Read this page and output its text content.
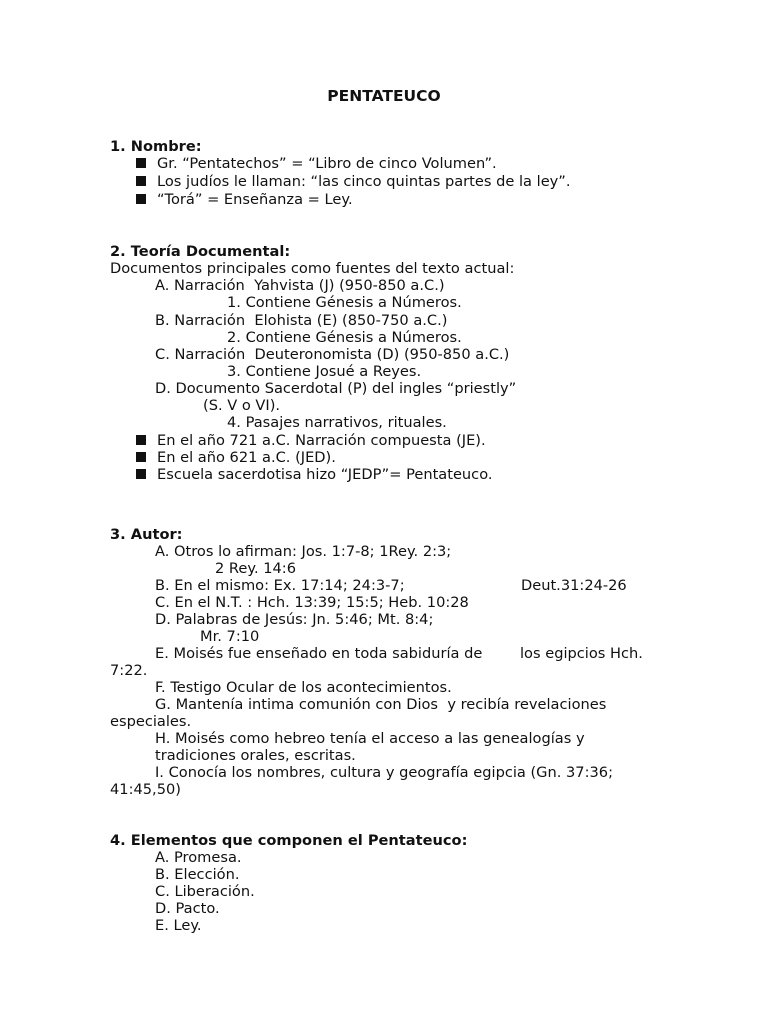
PENTATEUCO
1. Nombre:
Gr. “Pentatechos” = “Libro de cinco Volumen”.
Los judíos le llaman: “las cinco quintas partes de la ley”.
“Torá” = Enseñanza = Ley.
2. Teoría Documental:
Documentos principales como fuentes del texto actual:
A. Narración  Yahvista (J) (950-850 a.C.)
1. Contiene Génesis a Números.
B. Narración  Elohista (E) (850-750 a.C.)
2. Contiene Génesis a Números.
C. Narración  Deuteronomista (D) (950-850 a.C.)
3. Contiene Josué a Reyes.
D. Documento Sacerdotal (P) del ingles “priestly”
(S. V o VI).
4. Pasajes narrativos, rituales.
En el año 721 a.C. Narración compuesta (JE).
En el año 621 a.C. (JED).
Escuela sacerdotisa hizo “JEDP”= Pentateuco.
3. Autor:
A. Otros lo afirman: Jos. 1:7-8; 1Rey. 2:3;
2 Rey. 14:6
B. En el mismo: Ex. 17:14; 24:3-7;	Deut.31:24-26
C. En el N.T. : Hch. 13:39; 15:5; Heb. 10:28
D. Palabras de Jesús: Jn. 5:46; Mt. 8:4;
Mr. 7:10
E. Moisés fue enseñado en toda sabiduría de	los egipcios Hch.
7:22.
F. Testigo Ocular de los acontecimientos.
G. Mantenía intima comunión con Dios  y recibía revelaciones
especiales.
H. Moisés como hebreo tenía el acceso a las genealogías y
tradiciones orales, escritas.
I. Conocía los nombres, cultura y geografía egipcia (Gn. 37:36;
41:45,50)
4. Elementos que componen el Pentateuco:
A. Promesa.
B. Elección.
C. Liberación.
D. Pacto.
E. Ley.
